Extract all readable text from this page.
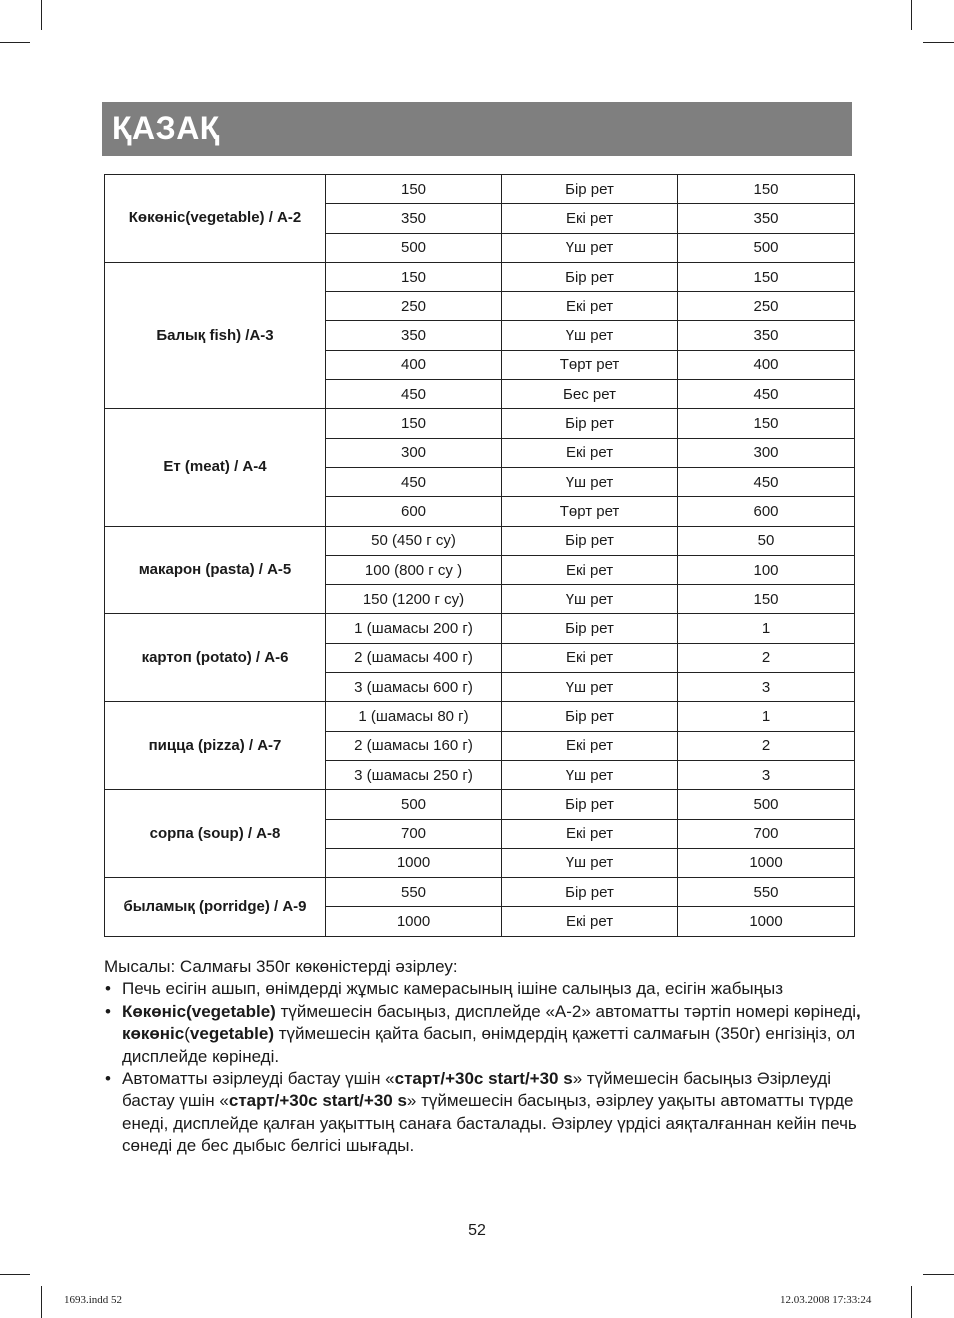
ҚАЗАҚ
Көкөніс(vegetable) / A-2	150	Бір рет	150
	350	Екі рет	350
	500	Үш рет	500
Балық fish) /A-3	150	Бір рет	150
	250	Екі рет	250
	350	Үш рет	350
	400	Төрт рет	400
	450	Бес рет	450
Ет (meat) / A-4	150	Бір рет	150
	300	Екі рет	300
	450	Үш рет	450
	600	Төрт рет	600
макарон (pasta) / A-5	50 (450 г су)	Бір рет	50
	100 (800 г су )	Екі рет	100
	150 (1200 г су)	Үш рет	150
картоп (potato) / A-6	1 (шамасы 200 г)	Бір рет	1
	2 (шамасы 400 г)	Екі рет	2
	3 (шамасы 600 г)	Үш рет	3
пицца (pizza) / A-7	1 (шамасы 80 г)	Бір рет	1
	2 (шамасы 160 г)	Екі рет	2
	3 (шамасы 250 г)	Үш рет	3
сорпа (soup) / A-8	500	Бір рет	500
	700	Екі рет	700
	1000	Үш рет	1000
быламық (porridge) / A-9	550	Бір рет	550
	1000	Екі рет	1000

Мысалы: Салмағы 350г көкөністерді әзірлеу:

• Печь есігін ашып, өнімдерді жұмыс камерасының ішіне салыңыз да, есігін жабыңыз

• Көкөніс(vegetable) түймешесін басыңыз, дисплейде «А-2» автоматты тәртіп номері көрінеді, көкөніс(vegetable) түймешесін қайта басып, өнімдердің қажетті салмағын (350г) енгізіңіз, ол дисплейде көрінеді.

• Автоматты әзірлеуді бастау үшін «старт/+30с start/+30 s» түймешесін басыңыз Әзірлеуді бастау үшін «старт/+30с start/+30 s» түймешесін басыңыз, әзірлеу уақыты автоматты түрде енеді, дисплейде қалған уақыттың санаға басталады. Әзірлеу үрдісі аяқталғаннан кейін печь сөнеді де бес дыбыс белгісі шығады.

52
1693.indd 52	12.03.2008 17:33:24
